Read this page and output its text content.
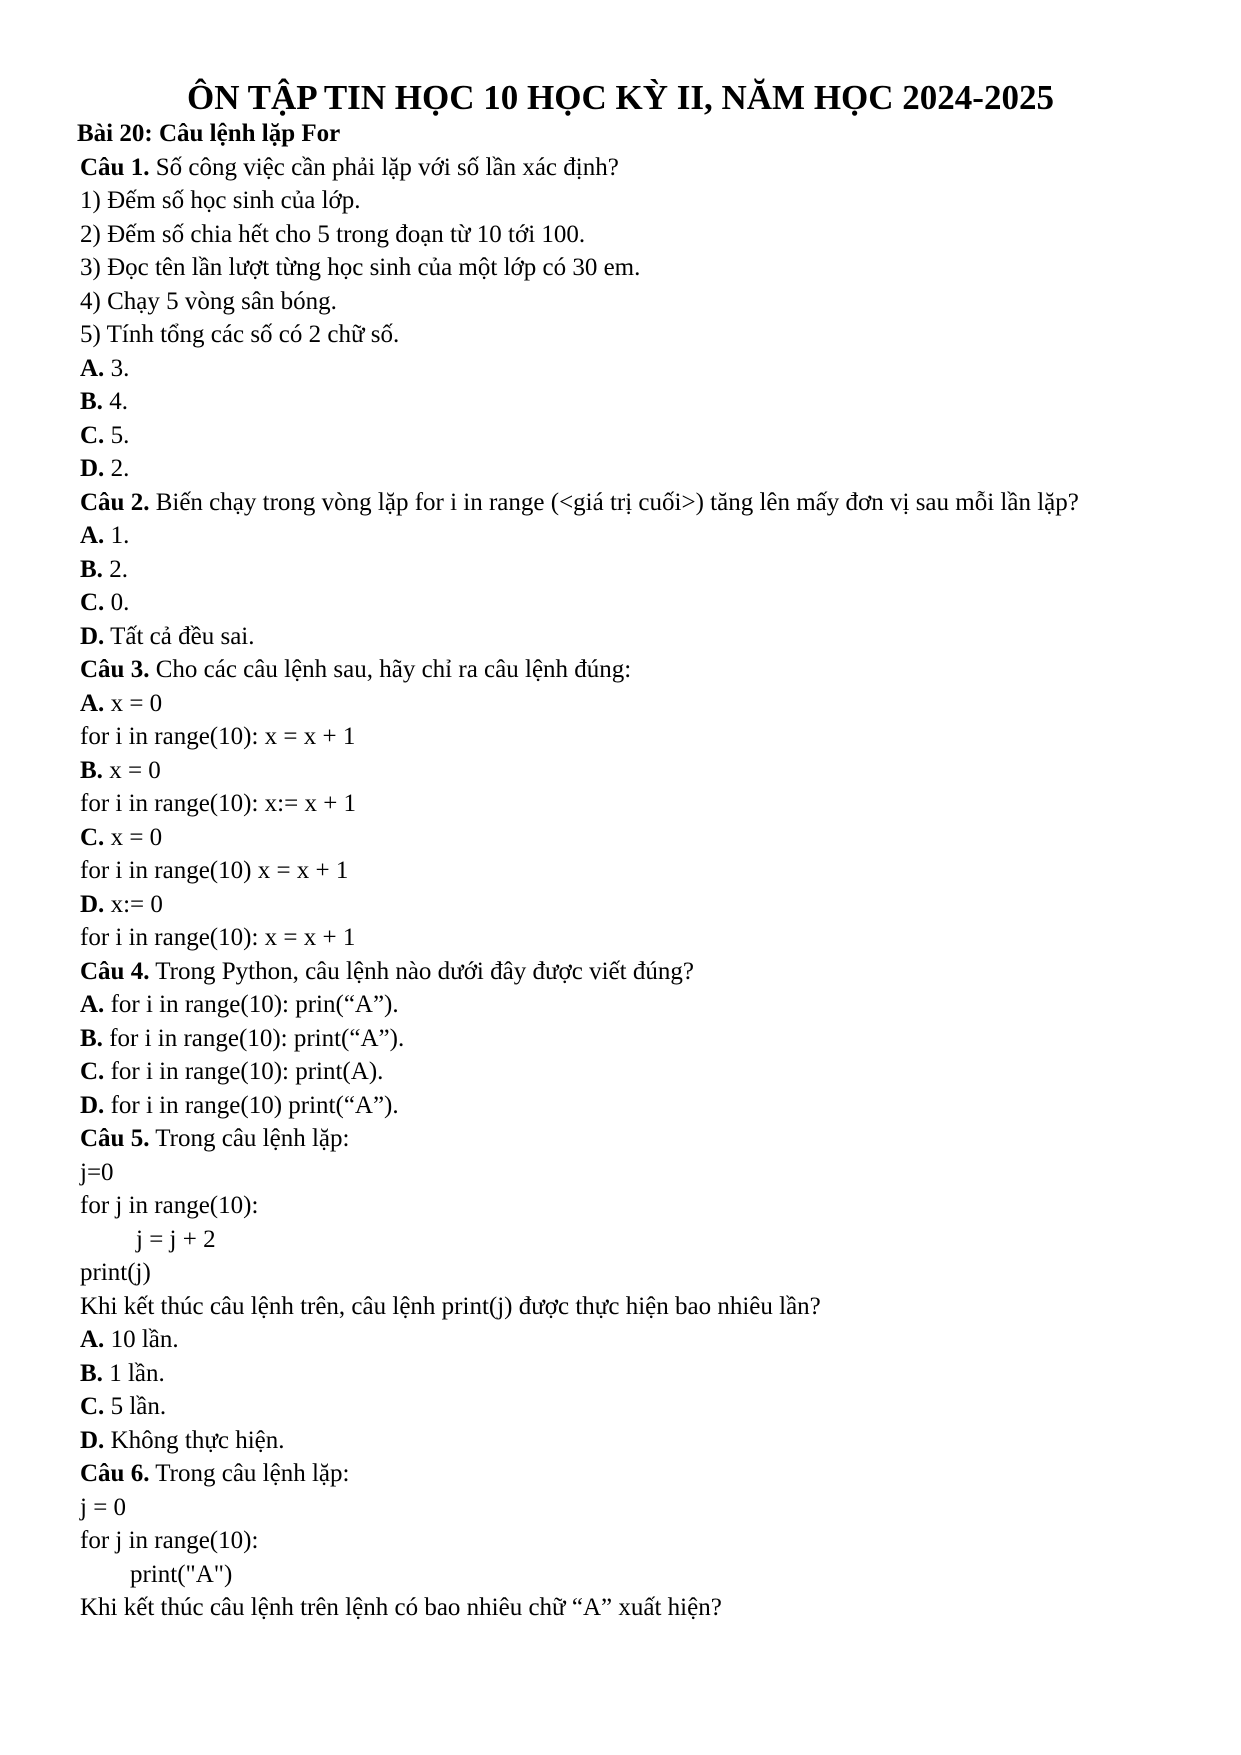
ÔN TẬP TIN HỌC 10 HỌC KỲ II, NĂM HỌC 2024-2025
Bài 20: Câu lệnh lặp For
Câu 1. Số công việc cần phải lặp với số lần xác định?
1) Đếm số học sinh của lớp.
2) Đếm số chia hết cho 5 trong đoạn từ 10 tới 100.
3) Đọc tên lần lượt từng học sinh của một lớp có 30 em.
4) Chạy 5 vòng sân bóng.
5) Tính tổng các số có 2 chữ số.
A. 3.
B. 4.
C. 5.
D. 2.
Câu 2. Biến chạy trong vòng lặp for i in range (<giá trị cuối>) tăng lên mấy đơn vị sau mỗi lần lặp?
A. 1.
B. 2.
C. 0.
D. Tất cả đều sai.
Câu 3. Cho các câu lệnh sau, hãy chỉ ra câu lệnh đúng:
A. x = 0
for i in range(10): x = x + 1
B. x = 0
for i in range(10): x:= x + 1
C. x = 0
for i in range(10) x = x + 1
D. x:= 0
for i in range(10): x = x + 1
Câu 4. Trong Python, câu lệnh nào dưới đây được viết đúng?
A. for i in range(10): prin(“A”).
B. for i in range(10): print(“A”).
C. for i in range(10): print(A).
D. for i in range(10) print(“A”).
Câu 5. Trong câu lệnh lặp:
j=0
for j in range(10):
j = j + 2
print(j)
Khi kết thúc câu lệnh trên, câu lệnh print(j) được thực hiện bao nhiêu lần?
A. 10 lần.
B. 1 lần.
C. 5 lần.
D. Không thực hiện.
Câu 6. Trong câu lệnh lặp:
j = 0
for j in range(10):
print("A")
Khi kết thúc câu lệnh trên lệnh có bao nhiêu chữ “A” xuất hiện?
